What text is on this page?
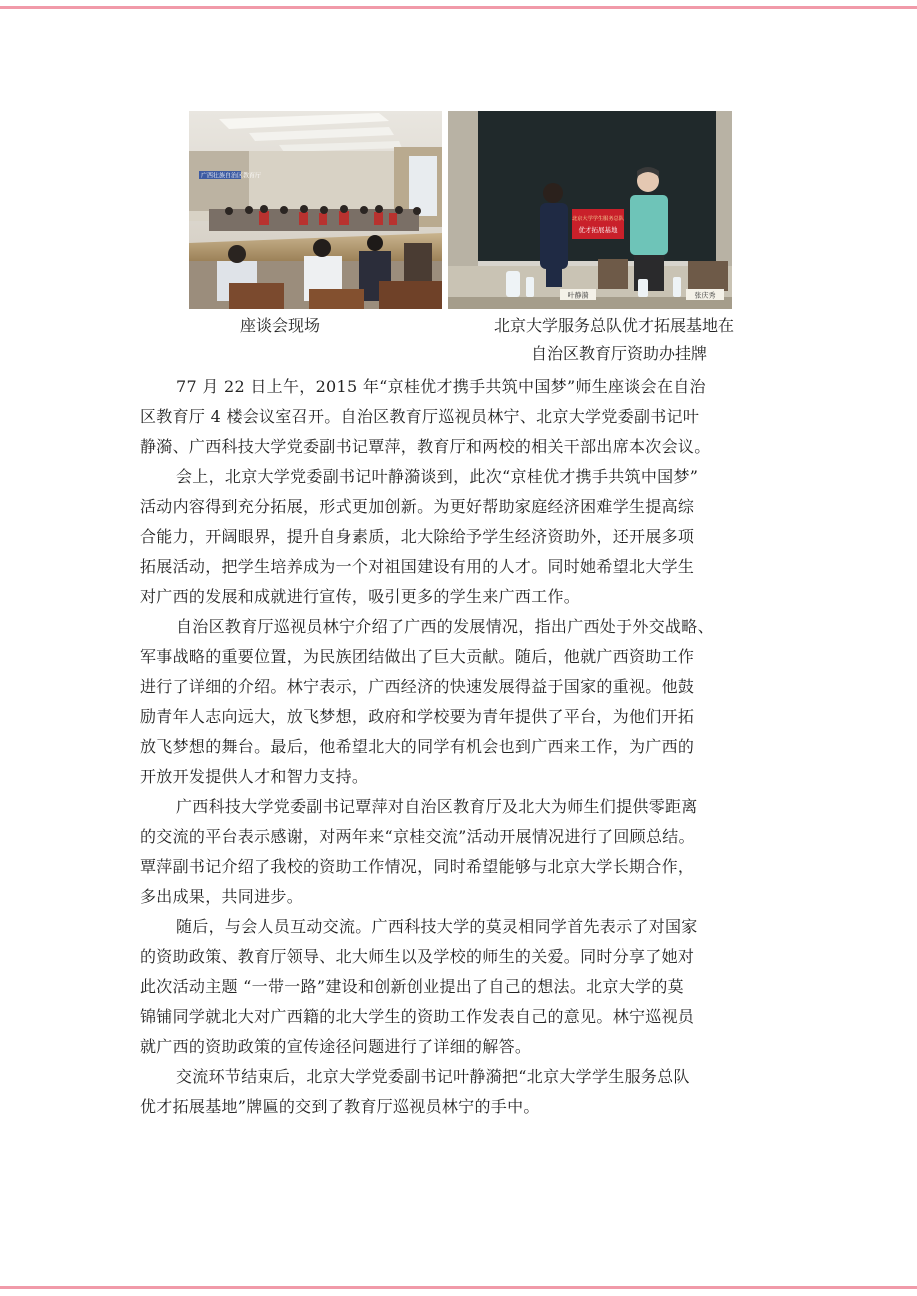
广西壮族自治区教育厅
北京大学学生服务总队
优才拓展基地
叶静漪	张庆秀
座谈会现场	北京大学服务总队优才拓展基地在
自治区教育厅资助办挂牌
77 月 22 日上午，2015 年“京桂优才携手共筑中国梦”师生座谈会在自治
区教育厅 4 楼会议室召开。自治区教育厅巡视员林宁、北京大学党委副书记叶
静漪、广西科技大学党委副书记覃萍，教育厅和两校的相关干部出席本次会议。
会上，北京大学党委副书记叶静漪谈到，此次“京桂优才携手共筑中国梦”
活动内容得到充分拓展，形式更加创新。为更好帮助家庭经济困难学生提高综
合能力，开阔眼界，提升自身素质，北大除给予学生经济资助外，还开展多项
拓展活动，把学生培养成为一个对祖国建设有用的人才。同时她希望北大学生
对广西的发展和成就进行宣传，吸引更多的学生来广西工作。
自治区教育厅巡视员林宁介绍了广西的发展情况，指出广西处于外交战略、
军事战略的重要位置，为民族团结做出了巨大贡献。随后，他就广西资助工作
进行了详细的介绍。林宁表示，广西经济的快速发展得益于国家的重视。他鼓
励青年人志向远大，放飞梦想，政府和学校要为青年提供了平台，为他们开拓
放飞梦想的舞台。最后，他希望北大的同学有机会也到广西来工作，为广西的
开放开发提供人才和智力支持。
广西科技大学党委副书记覃萍对自治区教育厅及北大为师生们提供零距离
的交流的平台表示感谢，对两年来“京桂交流”活动开展情况进行了回顾总结。
覃萍副书记介绍了我校的资助工作情况，同时希望能够与北京大学长期合作，
多出成果，共同进步。
随后，与会人员互动交流。广西科技大学的莫灵相同学首先表示了对国家
的资助政策、教育厅领导、北大师生以及学校的师生的关爱。同时分享了她对
此次活动主题 “一带一路”建设和创新创业提出了自己的想法。北京大学的莫
锦铺同学就北大对广西籍的北大学生的资助工作发表自己的意见。林宁巡视员
就广西的资助政策的宣传途径问题进行了详细的解答。
交流环节结束后，北京大学党委副书记叶静漪把“北京大学学生服务总队
优才拓展基地”牌匾的交到了教育厅巡视员林宁的手中。
